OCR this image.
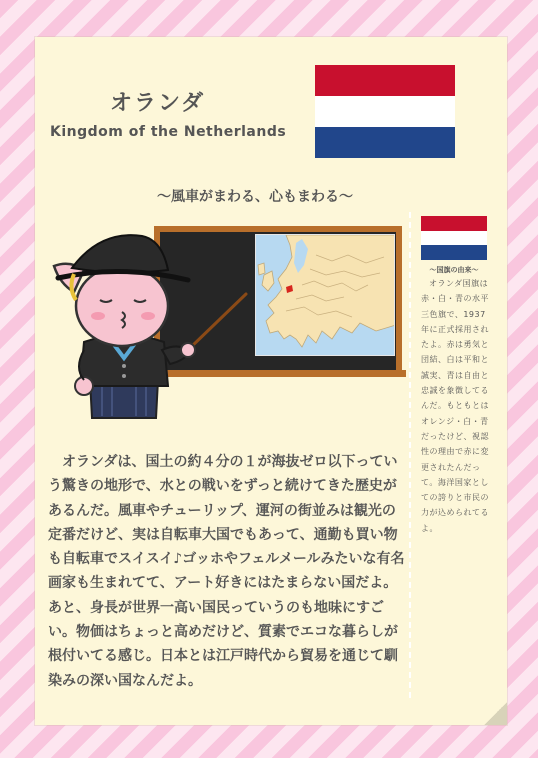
オランダ
Kingdom of the Netherlands
〜風車がまわる、心もまわる〜
〜国旗の由来〜
オランダ国旗は赤・白・青の水平三色旗で、1937年に正式採用されたよ。赤は勇気と団結、白は平和と誠実、青は自由と忠誠を象徴してるんだ。もともとはオレンジ・白・青だったけど、視認性の理由で赤に変更されたんだって。海洋国家としての誇りと市民の力が込められてるよ。
オランダは、国土の約４分の１が海抜ゼロ以下っていう驚きの地形で、水との戦いをずっと続けてきた歴史があるんだ。風車やチューリップ、運河の街並みは観光の定番だけど、実は自転車大国でもあって、通勤も買い物も自転車でスイスイ♪ゴッホやフェルメールみたいな有名画家も生まれてて、アート好きにはたまらない国だよ。あと、身長が世界一高い国民っていうのも地味にすごい。物価はちょっと高めだけど、質素でエコな暮らしが根付いてる感じ。日本とは江戸時代から貿易を通じて馴染みの深い国なんだよ。
